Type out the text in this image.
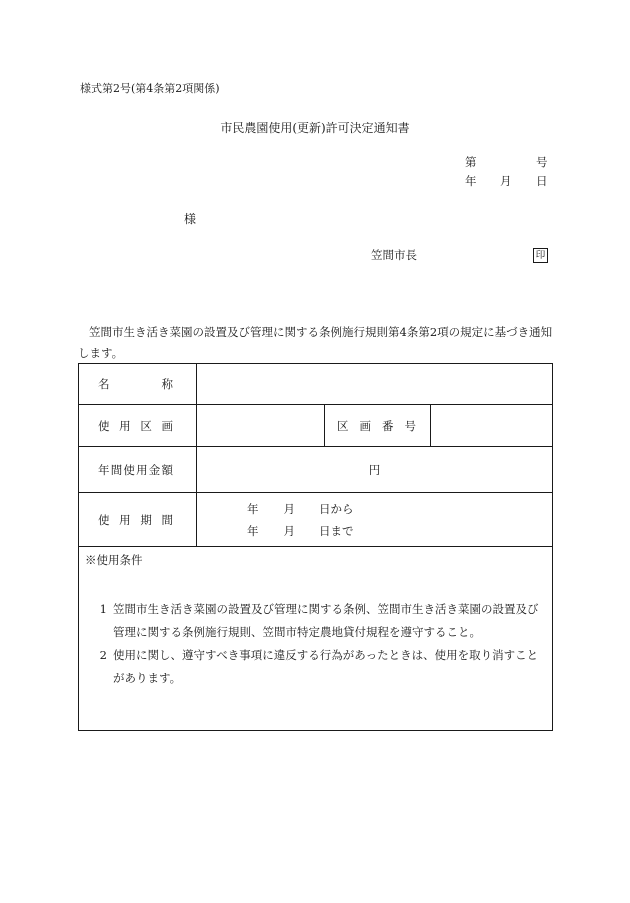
様式第2号(第4条第2項関係)
市民農園使用(更新)許可決定通知書
第	号
年 月 日
様
笠間市長	印
笠間市生き活き菜園の設置及び管理に関する条例施行規則第4条第2項の規定に基づき通知します。
名称			

使用区画		区画番号	

年間使用金額	円		

使用期間	年 月 日から
年 月 日まで		

※使用条件
1 笠間市生き活き菜園の設置及び管理に関する条例、笠間市生き活き菜園の設置及び管理に関する条例施行規則、笠間市特定農地貸付規程を遵守すること。
2 使用に関し、遵守すべき事項に違反する行為があったときは、使用を取り消すことがあります。			
